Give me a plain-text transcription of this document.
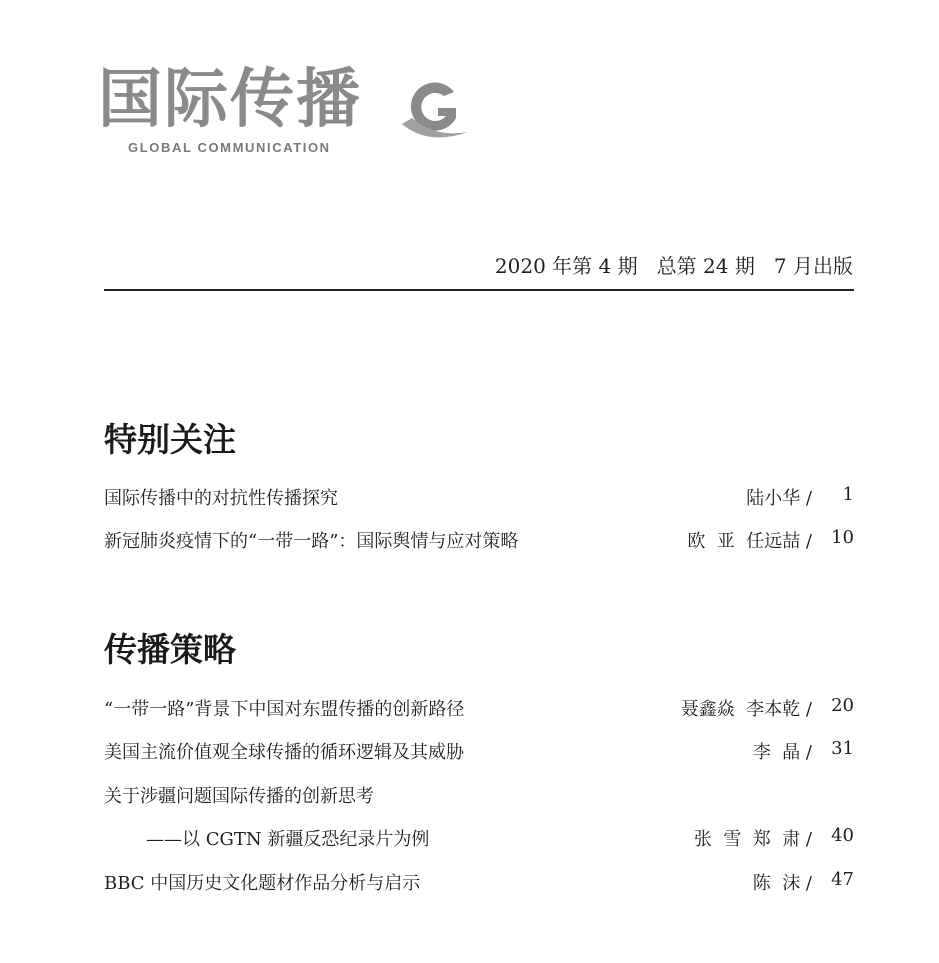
国际传播
GLOBAL COMMUNICATION
2020 年第 4 期   总第 24 期   7 月出版
特别关注
国际传播中的对抗性传播探究	陆小华 / 1
新冠肺炎疫情下的“一带一路”：国际舆情与应对策略	欧  亚  任远喆 / 10
传播策略
“一带一路”背景下中国对东盟传播的创新路径	聂鑫焱  李本乾 / 20
美国主流价值观全球传播的循环逻辑及其威胁	李  晶 / 31
关于涉疆问题国际传播的创新思考
——以 CGTN 新疆反恐纪录片为例	张  雪  郑  肃 / 40
BBC 中国历史文化题材作品分析与启示	陈  沫 / 47
